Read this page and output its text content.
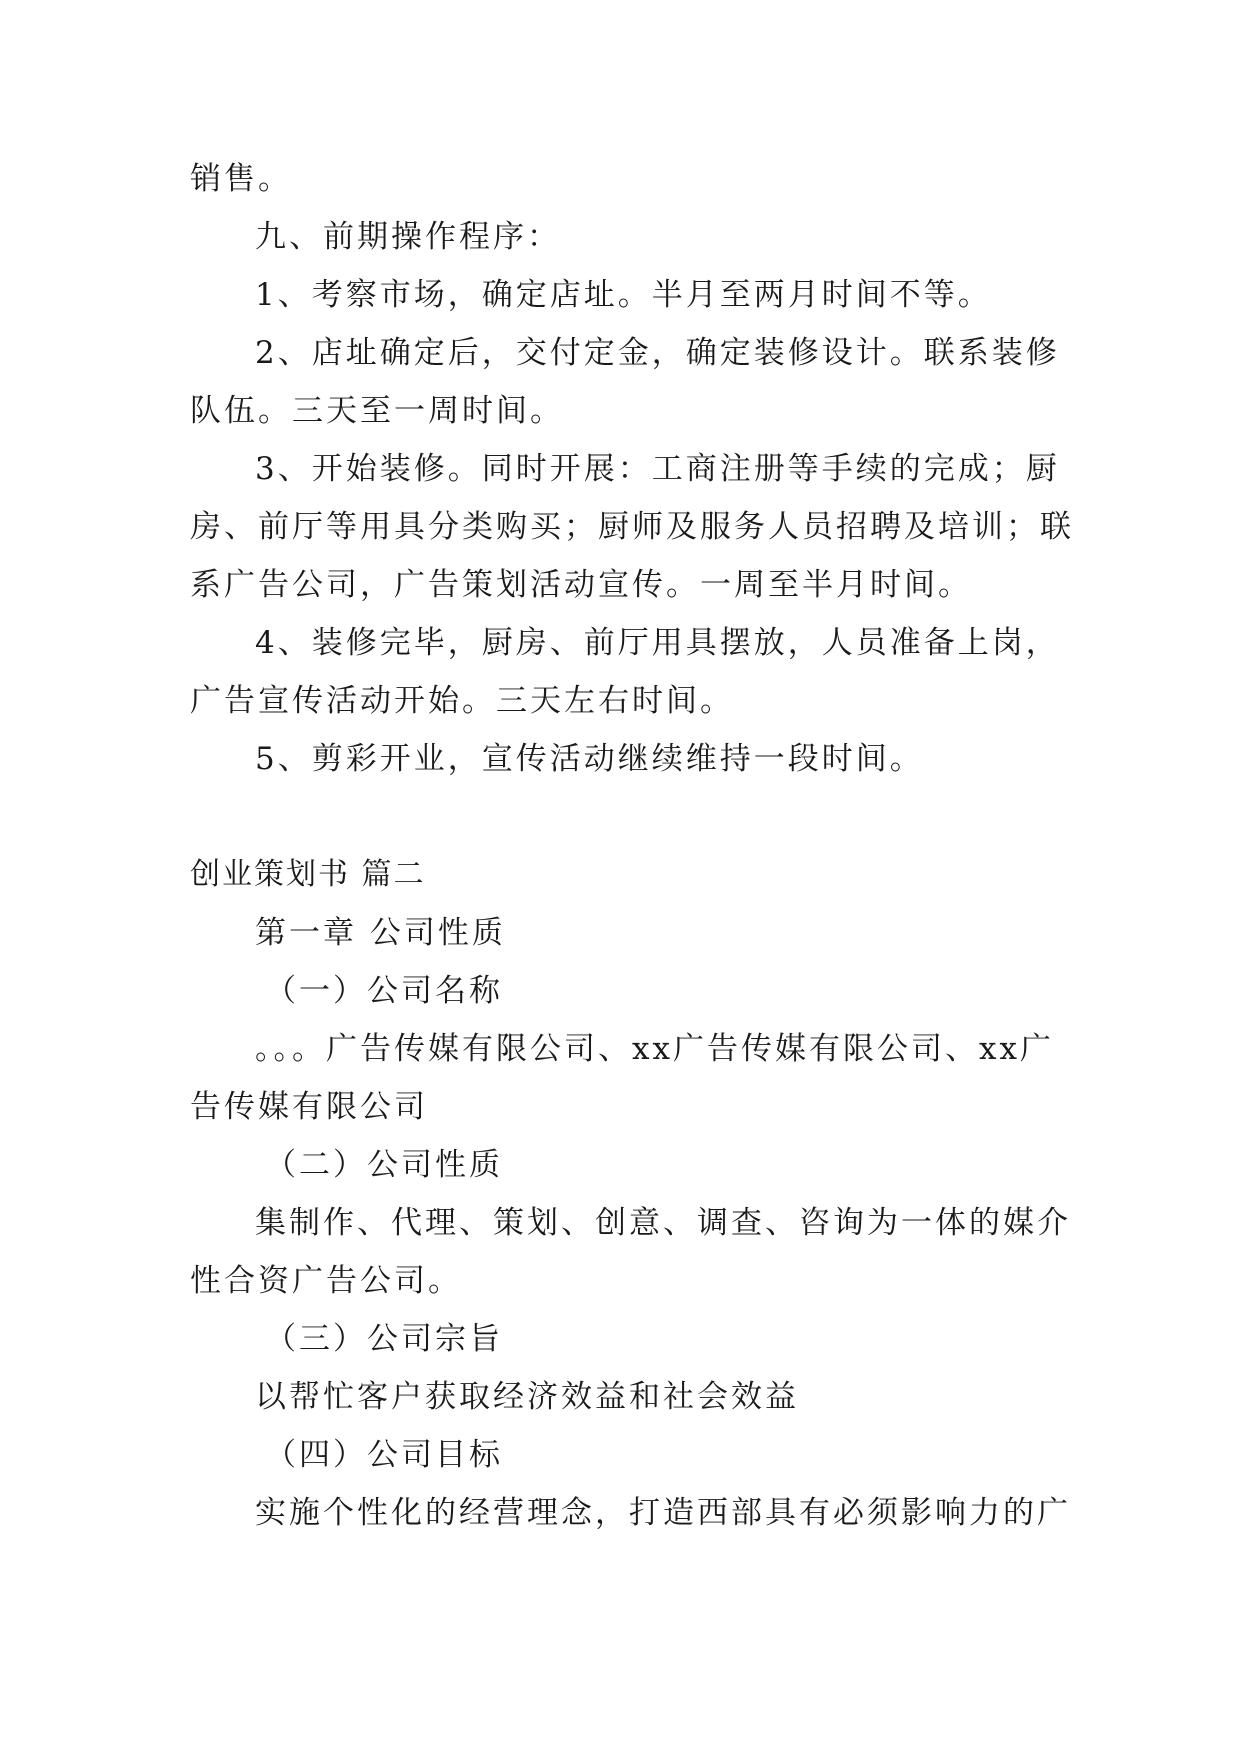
销售。

九、前期操作程序：

1、考察市场，确定店址。半月至两月时间不等。

2、店址确定后，交付定金，确定装修设计。联系装修

队伍。三天至一周时间。

3、开始装修。同时开展：工商注册等手续的完成；厨

房、前厅等用具分类购买；厨师及服务人员招聘及培训；联

系广告公司，广告策划活动宣传。一周至半月时间。

4、装修完毕，厨房、前厅用具摆放，人员准备上岗，

广告宣传活动开始。三天左右时间。

5、剪彩开业，宣传活动继续维持一段时间。

创业策划书 篇二

第一章 公司性质

（一）公司名称

。。。广告传媒有限公司、xx广告传媒有限公司、xx广

告传媒有限公司

（二）公司性质

集制作、代理、策划、创意、调查、咨询为一体的媒介

性合资广告公司。

（三）公司宗旨

以帮忙客户获取经济效益和社会效益

（四）公司目标

实施个性化的经营理念，打造西部具有必须影响力的广
